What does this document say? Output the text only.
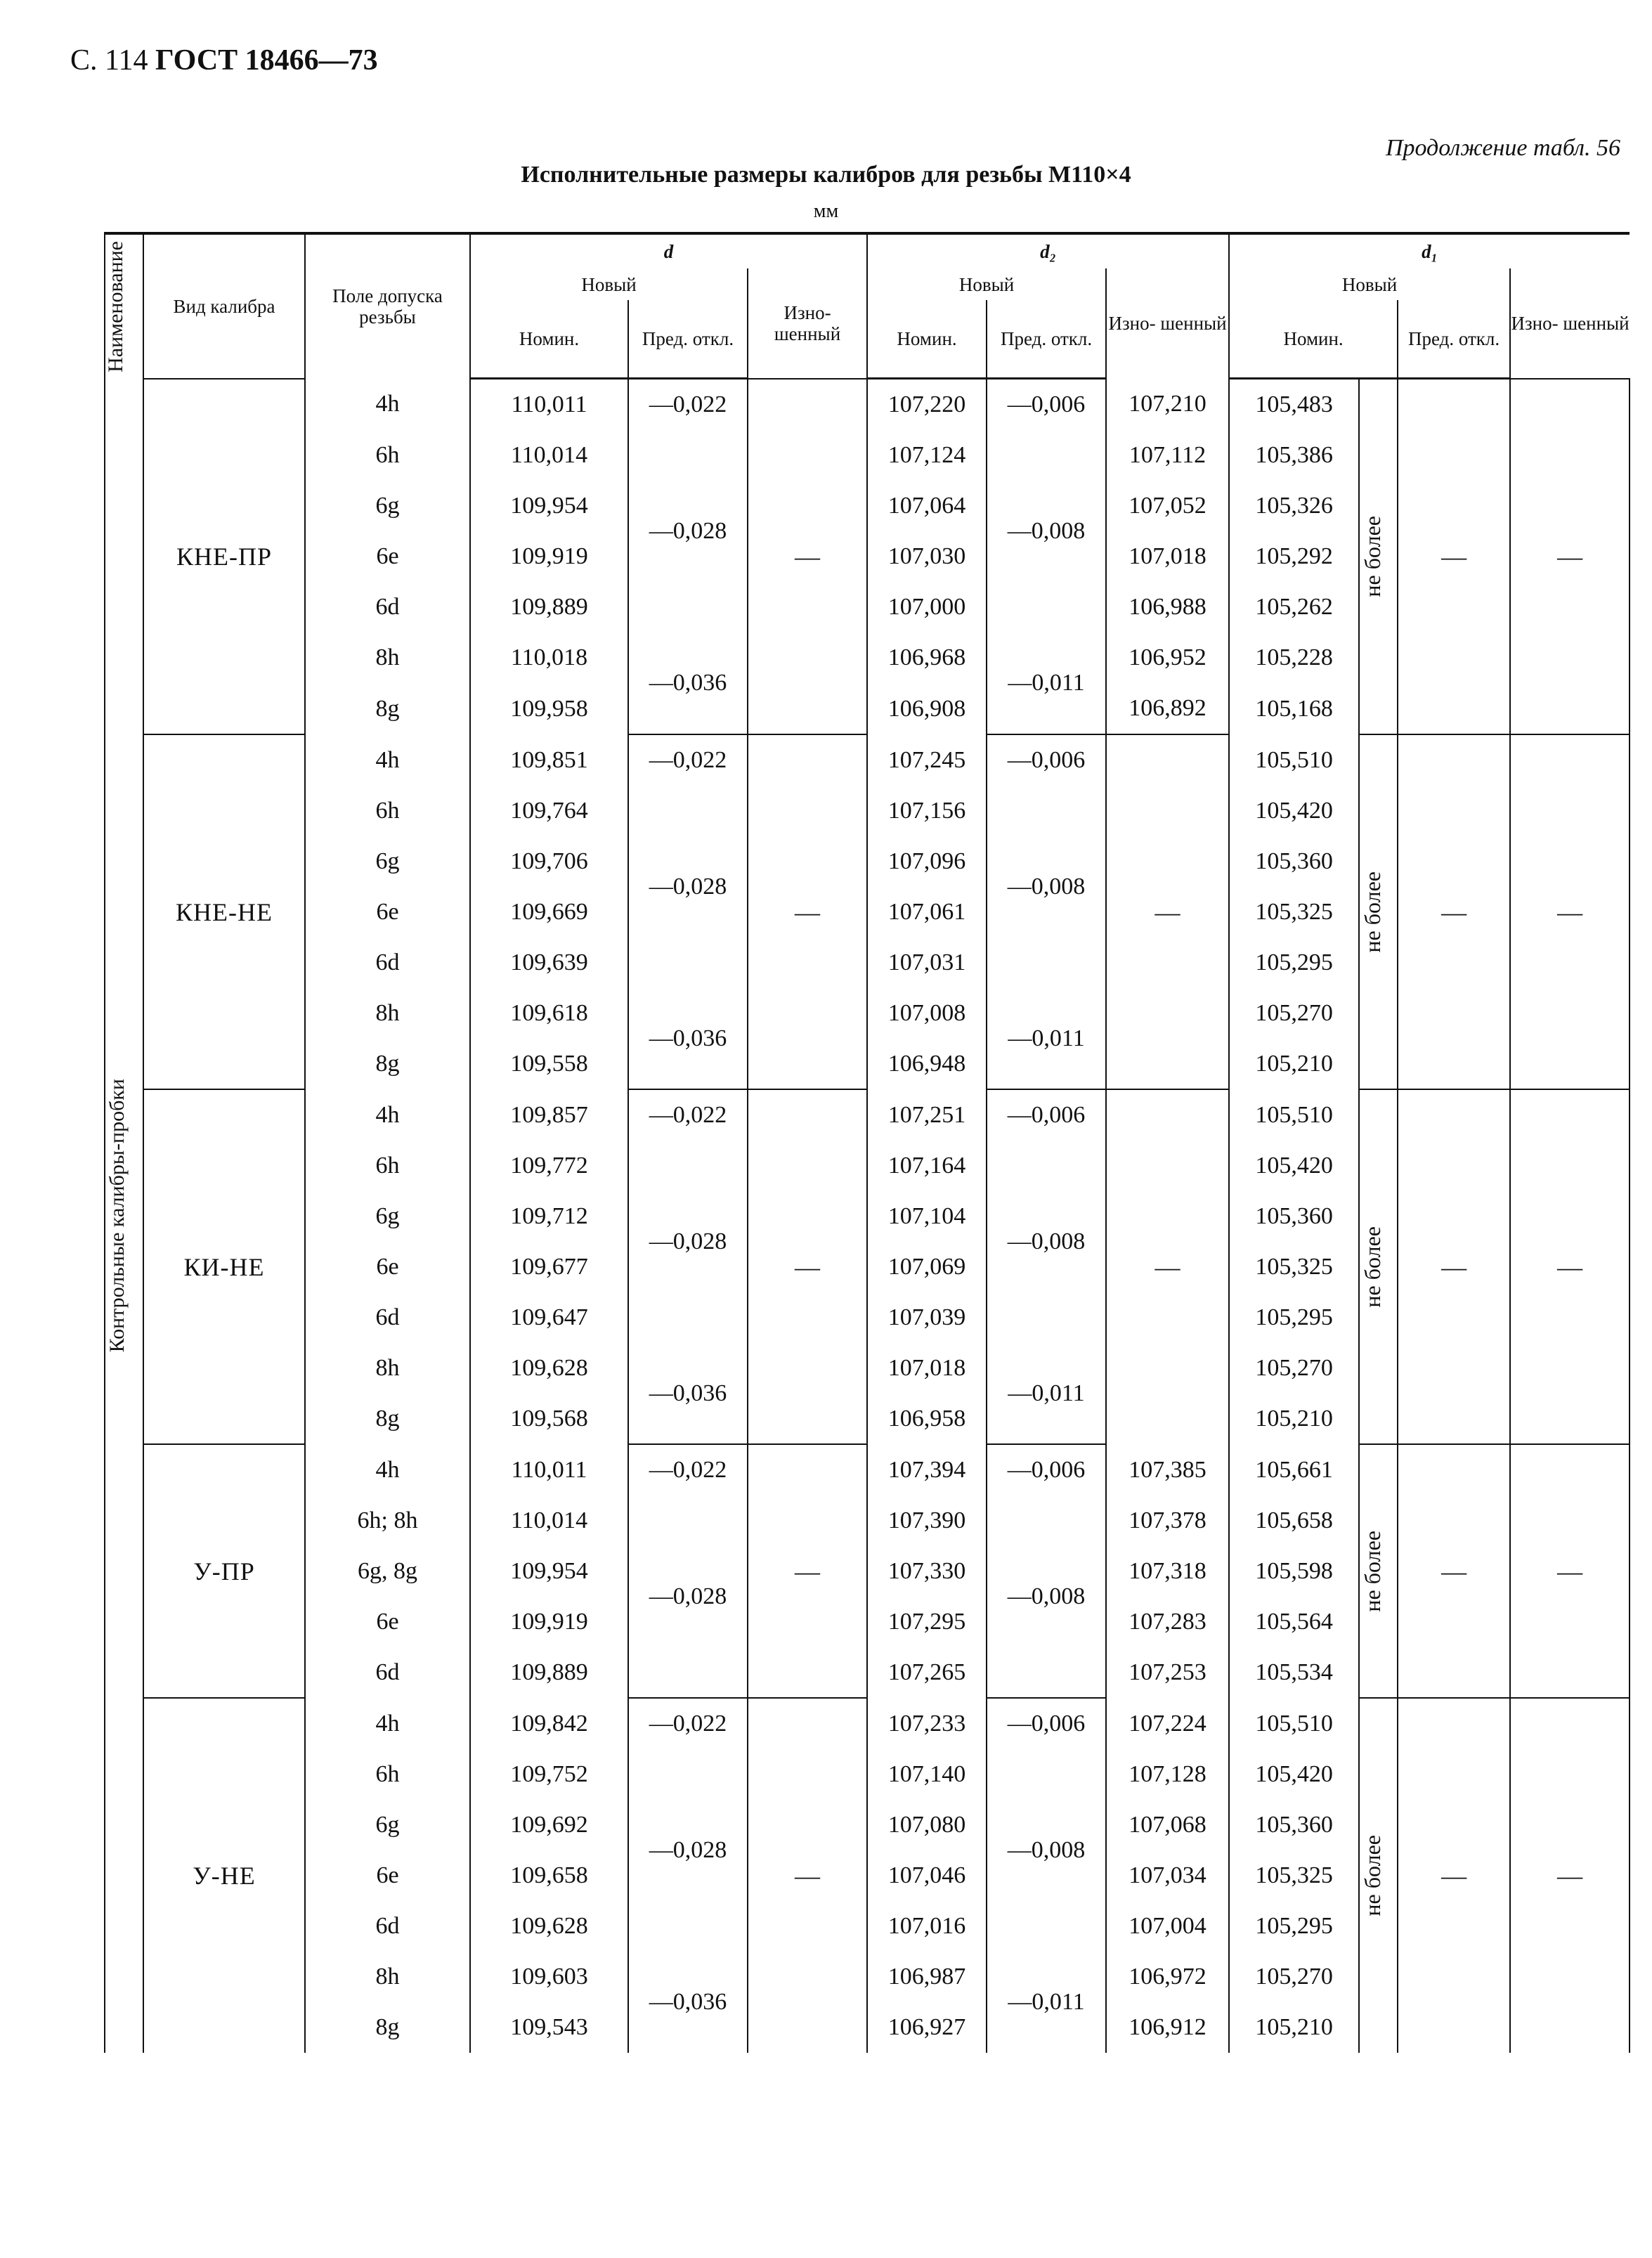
С. 114 ГОСТ 18466—73
Продолжение табл. 56
Исполнительные размеры калибров для резьбы М110×4
мм
Наименование	Вид калибра	Поле допуска резьбы	d			d₂			d₁			
			Новый		Изно- шенный	Новый		Изно- шенный	Новый			Изно- шенный
			Номин.	Пред. откл.		Номин.	Пред. откл.		Номин.		Пред. откл.	

Контрольные калибры-пробки	КНЕ-ПР	4h	110,011	—0,022	—	107,220	—0,006	107,210	105,483	не более	—	—
		6h	110,014	—0,028		107,124	—0,008	107,112	105,386			
		6g	109,954			107,064		107,052	105,326			
		6e	109,919			107,030		107,018	105,292			
		6d	109,889			107,000		106,988	105,262			
		8h	110,018	—0,036		106,968	—0,011	106,952	105,228			
		8g	109,958			106,908		106,892	105,168			
	КНЕ-НЕ	4h	109,851	—0,022	—	107,245	—0,006	—	105,510	не более	—	—
		6h	109,764	—0,028		107,156	—0,008		105,420			
		6g	109,706			107,096			105,360			
		6e	109,669			107,061			105,325			
		6d	109,639			107,031			105,295			
		8h	109,618	—0,036		107,008	—0,011		105,270			
		8g	109,558			106,948			105,210			
	КИ-НЕ	4h	109,857	—0,022	—	107,251	—0,006	—	105,510	не более	—	—
		6h	109,772	—0,028		107,164	—0,008		105,420			
		6g	109,712			107,104			105,360			
		6e	109,677			107,069			105,325			
		6d	109,647			107,039			105,295			
		8h	109,628	—0,036		107,018	—0,011		105,270			
		8g	109,568			106,958			105,210			
	У-ПР	4h	110,011	—0,022	—	107,394	—0,006	107,385	105,661	не более	—	—
		6h; 8h	110,014	—0,028		107,390	—0,008	107,378	105,658			
		6g, 8g	109,954			107,330		107,318	105,598			
		6e	109,919			107,295		107,283	105,564			
		6d	109,889			107,265		107,253	105,534			
	У-НЕ	4h	109,842	—0,022	—	107,233	—0,006	107,224	105,510	не более	—	—
		6h	109,752	—0,028		107,140	—0,008	107,128	105,420			
		6g	109,692			107,080		107,068	105,360			
		6e	109,658			107,046		107,034	105,325			
		6d	109,628			107,016		107,004	105,295			
		8h	109,603	—0,036		106,987	—0,011	106,972	105,270			
		8g	109,543			106,927		106,912	105,210			
